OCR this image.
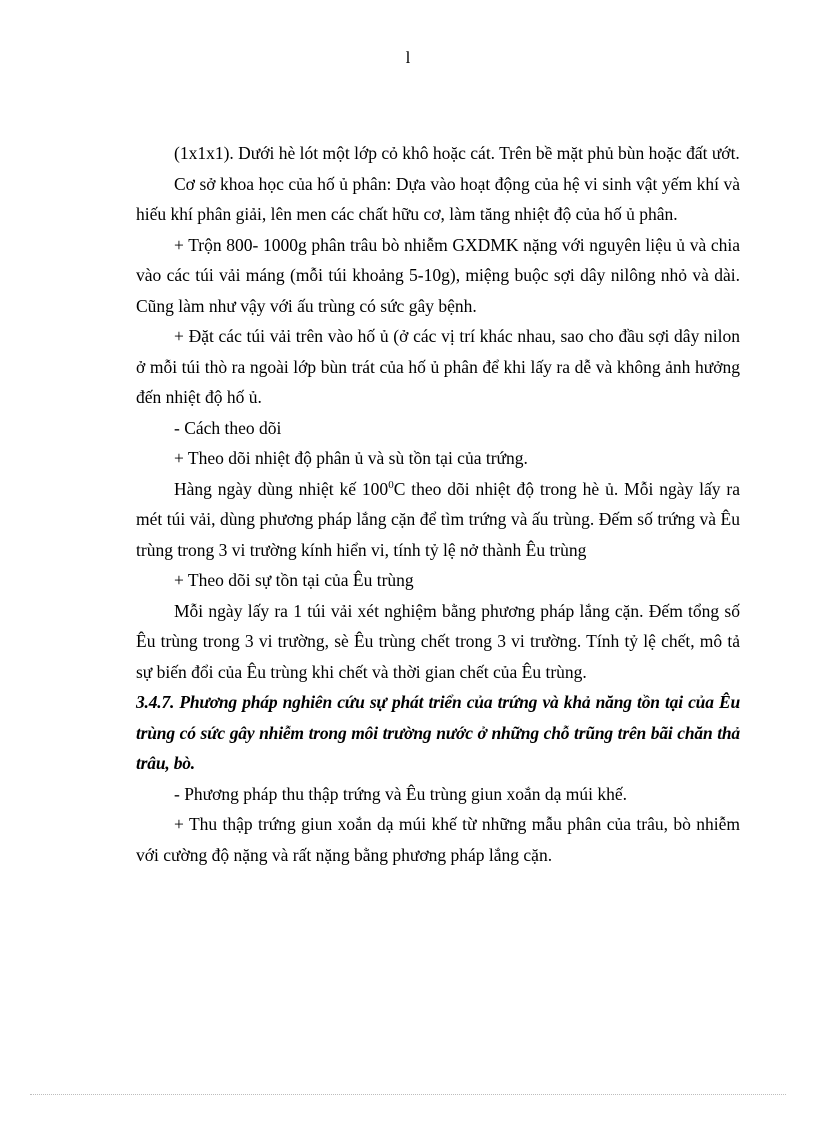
l

(1x1x1). Dưới hè lót một lớp cỏ khô hoặc cát. Trên bề mặt phủ bùn hoặc đất ướt.

Cơ sở khoa học của hố ủ phân: Dựa vào hoạt động của hệ vi sinh vật yếm khí và hiếu khí phân giải, lên men các chất hữu cơ, làm tăng nhiệt độ của hố ủ phân.

+ Trộn 800- 1000g phân trâu bò nhiễm GXDMK nặng với nguyên liệu ủ và chia vào các túi vải máng (mỗi túi khoảng 5-10g), miệng buộc sợi dây nilông nhỏ và dài. Cũng làm như vậy với ấu trùng có sức gây bệnh.

+ Đặt các túi vải trên vào hố ủ (ở các vị trí khác nhau, sao cho đầu sợi dây nilon ở mỗi túi thò ra ngoài lớp bùn trát của hố ủ phân để khi lấy ra dễ và không ảnh hưởng đến nhiệt độ hố ủ.

- Cách theo dõi

+ Theo dõi nhiệt độ phân ủ và sù tồn tại của trứng.

Hàng ngày dùng nhiệt kế $100^0C$ theo dõi nhiệt độ trong hè ủ. Mỗi ngày lấy ra mét túi vải, dùng phương pháp lắng cặn để tìm trứng và ấu trùng. Đếm số trứng và Êu trùng trong 3 vi trường kính hiển vi, tính tỷ lệ nở thành Êu trùng

+ Theo dõi sự tồn tại của Êu trùng

Mỗi ngày lấy ra 1 túi vải xét nghiệm bằng phương pháp lắng cặn. Đếm tổng số Êu trùng trong 3 vi trường, sè Êu trùng chết trong 3 vi trường. Tính tỷ lệ chết, mô tả sự biến đổi của Êu trùng khi chết và thời gian chết của Êu trùng.

3.4.7. Phương pháp nghiên cứu sự phát triển của trứng và khả năng tồn tại của Êu trùng có sức gây nhiễm trong môi trường nước ở những chỗ trũng trên bãi chăn thả trâu, bò.

- Phương pháp thu thập trứng và Êu trùng giun xoắn dạ múi khế.

+ Thu thập trứng giun xoắn dạ múi khế từ những mẫu phân của trâu, bò nhiễm với cường độ nặng và rất nặng bằng phương pháp lắng cặn.
